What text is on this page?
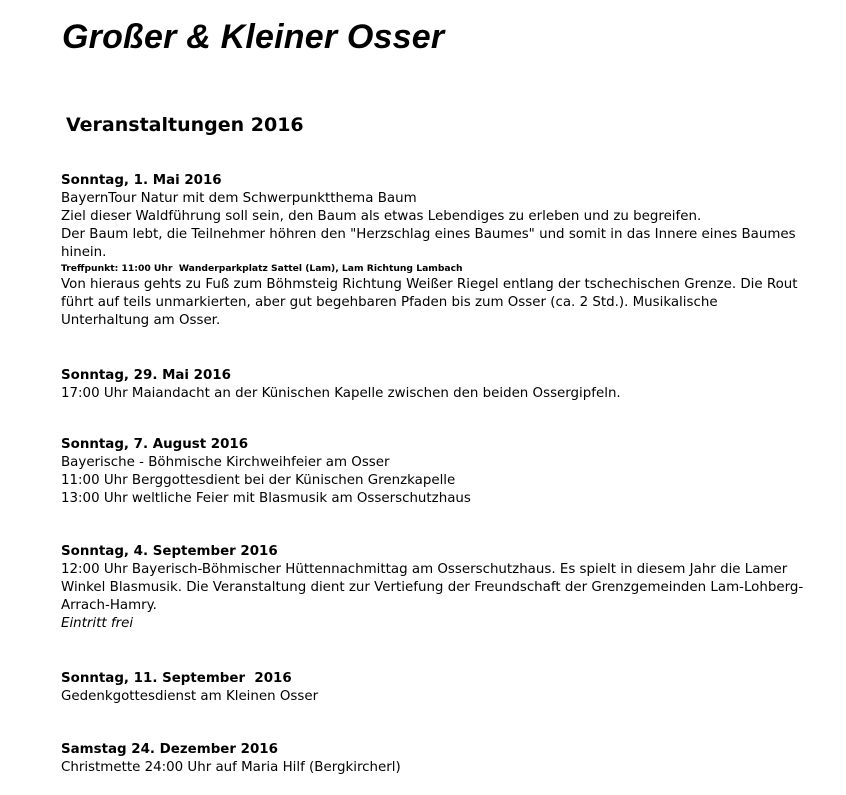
Großer & Kleiner Osser
Veranstaltungen 2016
Sonntag, 1. Mai 2016
BayernTour Natur mit dem Schwerpunktthema Baum
Ziel dieser Waldführung soll sein, den Baum als etwas Lebendiges zu erleben und zu begreifen.
Der Baum lebt, die Teilnehmer höhren den "Herzschlag eines Baumes" und somit in das Innere eines Baumes hinein.
Treffpunkt: 11:00 Uhr  Wanderparkplatz Sattel (Lam), Lam Richtung Lambach
Von hieraus gehts zu Fuß zum Böhmsteig Richtung Weißer Riegel entlang der tschechischen Grenze. Die Rout führt auf teils unmarkierten, aber gut begehbaren Pfaden bis zum Osser (ca. 2 Std.). Musikalische Unterhaltung am Osser.
Sonntag, 29. Mai 2016
17:00 Uhr Maiandacht an der Künischen Kapelle zwischen den beiden Ossergipfeln.
Sonntag, 7. August 2016
Bayerische - Böhmische Kirchweihfeier am Osser
11:00 Uhr Berggottesdient bei der Künischen Grenzkapelle
13:00 Uhr weltliche Feier mit Blasmusik am Osserschutzhaus
Sonntag, 4. September 2016
12:00 Uhr Bayerisch-Böhmischer Hüttennachmittag am Osserschutzhaus. Es spielt in diesem Jahr die Lamer Winkel Blasmusik. Die Veranstaltung dient zur Vertiefung der Freundschaft der Grenzgemeinden Lam-Lohberg-Arrach-Hamry.
Eintritt frei
Sonntag, 11. September  2016
Gedenkgottesdienst am Kleinen Osser
Samstag 24. Dezember 2016
Christmette 24:00 Uhr auf Maria Hilf (Bergkircherl)
